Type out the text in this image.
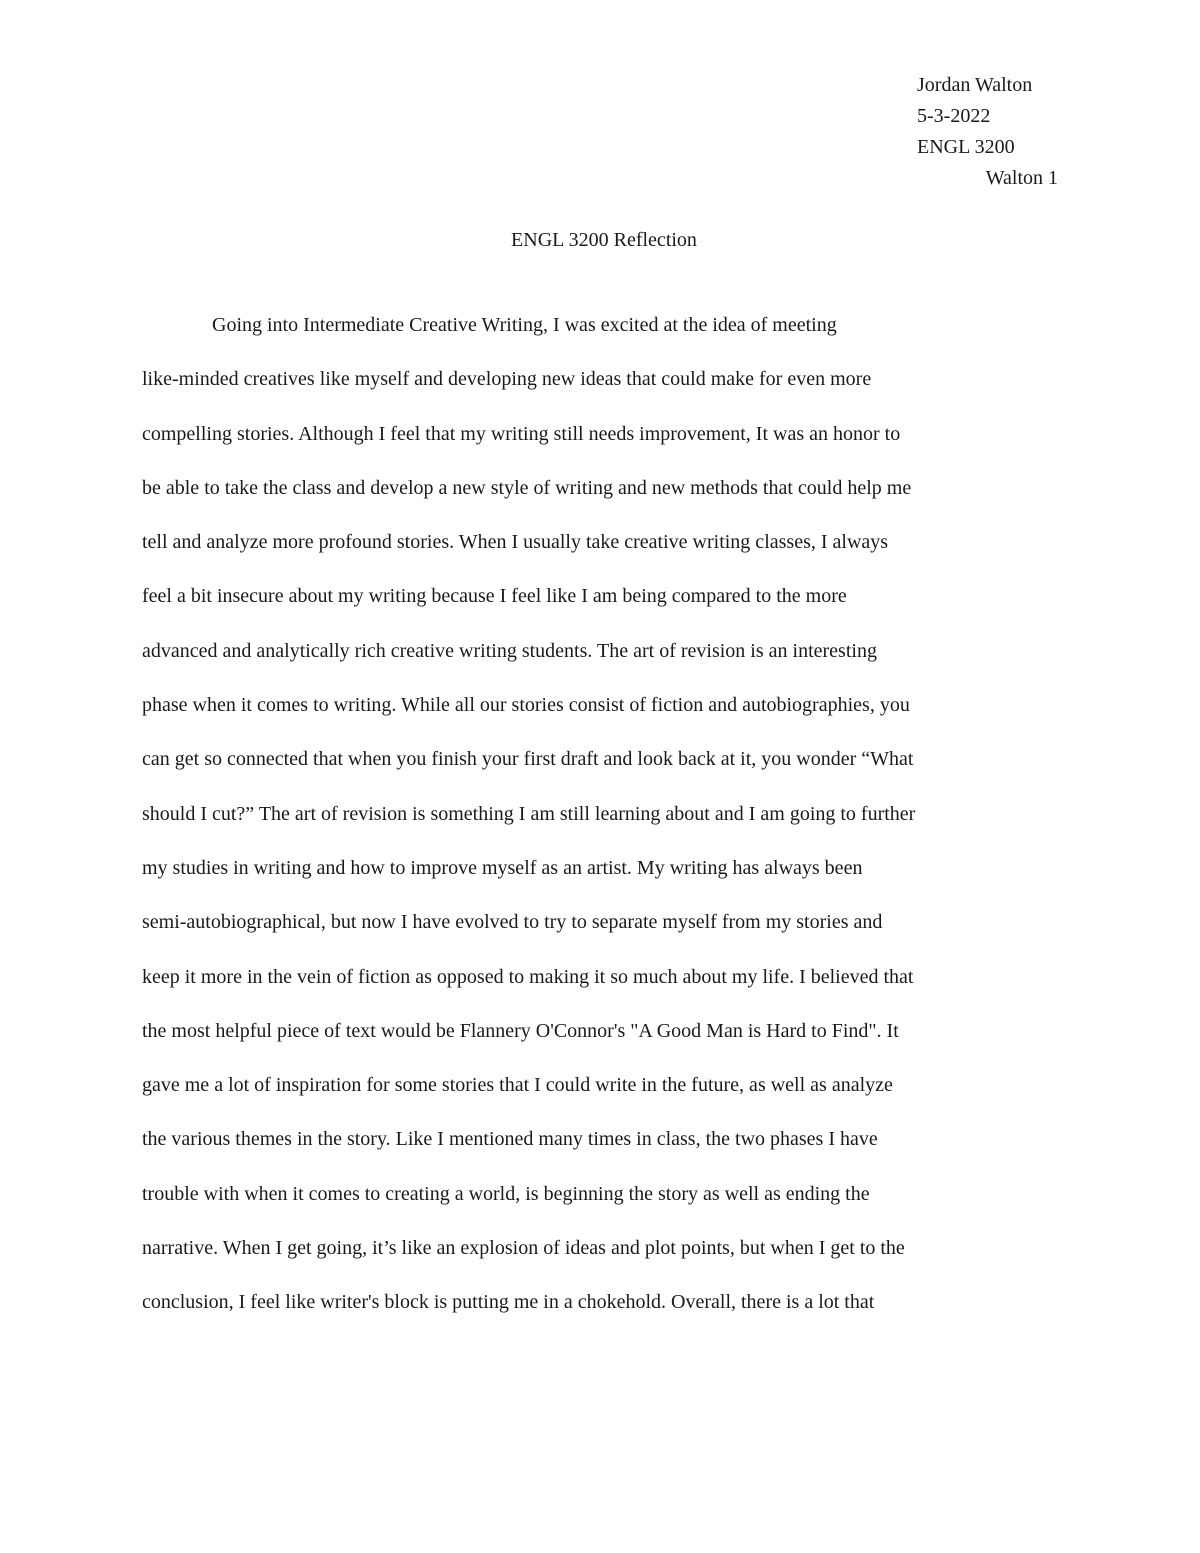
Jordan Walton
5-3-2022
ENGL 3200
Walton 1
ENGL 3200 Reflection
Going into Intermediate Creative Writing, I was excited at the idea of meeting
like-minded creatives like myself and developing new ideas that could make for even more
compelling stories. Although I feel that my writing still needs improvement, It was an honor to
be able to take the class and develop a new style of writing and new methods that could help me
tell and analyze more profound stories. When I usually take creative writing classes, I always
feel a bit insecure about my writing because I feel like I am being compared to the more
advanced and analytically rich creative writing students. The art of revision is an interesting
phase when it comes to writing. While all our stories consist of fiction and autobiographies, you
can get so connected that when you finish your first draft and look back at it, you wonder “What
should I cut?” The art of revision is something I am still learning about and I am going to further
my studies in writing and how to improve myself as an artist. My writing has always been
semi-autobiographical, but now I have evolved to try to separate myself from my stories and
keep it more in the vein of fiction as opposed to making it so much about my life. I believed that
the most helpful piece of text would be Flannery O'Connor's "A Good Man is Hard to Find". It
gave me a lot of inspiration for some stories that I could write in the future, as well as analyze
the various themes in the story. Like I mentioned many times in class, the two phases I have
trouble with when it comes to creating a world, is beginning the story as well as ending the
narrative. When I get going, it’s like an explosion of ideas and plot points, but when I get to the
conclusion, I feel like writer's block is putting me in a chokehold. Overall, there is a lot that
